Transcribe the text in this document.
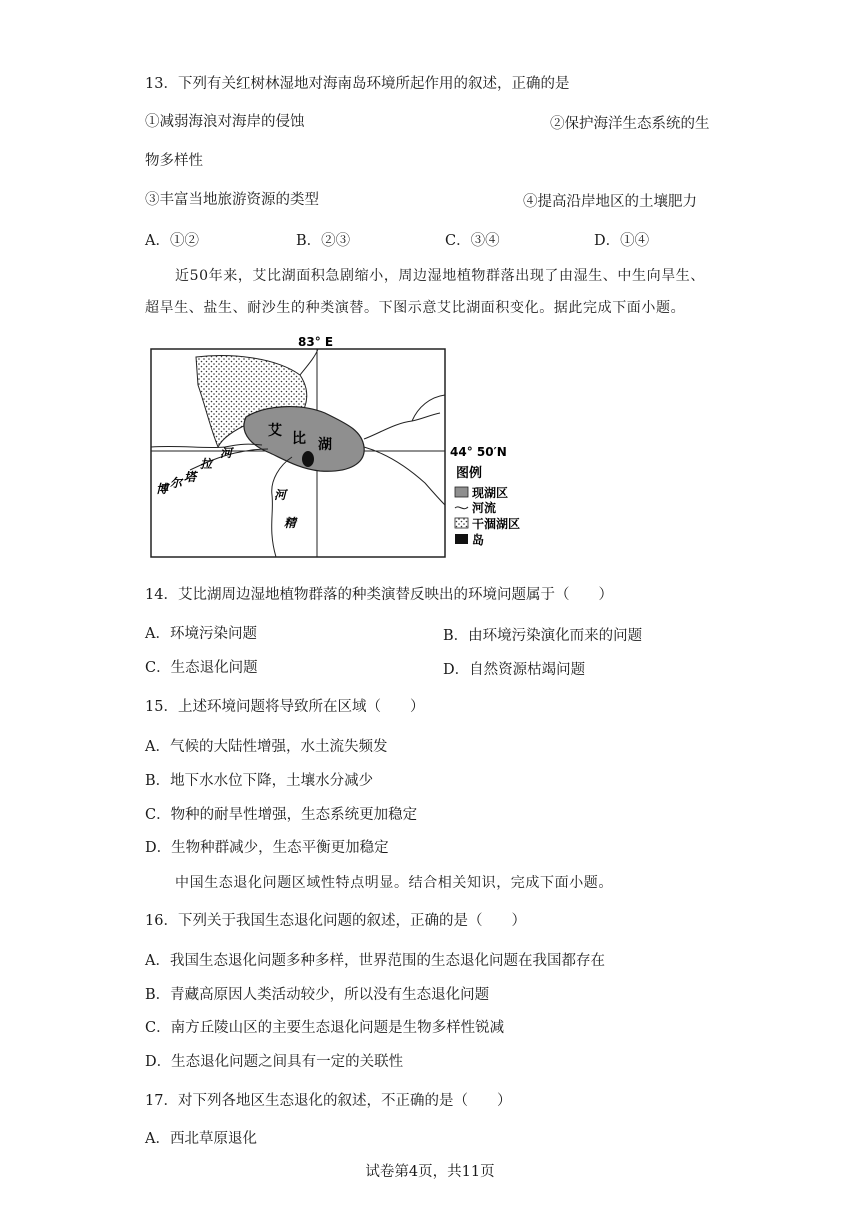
13．下列有关红树林湿地对海南岛环境所起作用的叙述，正确的是
①减弱海浪对海岸的侵蚀	②保护海洋生态系统的生
物多样性
③丰富当地旅游资源的类型	④提高沿岸地区的土壤肥力
A．①②	B．②③	C．③④	D．①④
近50年来，艾比湖面积急剧缩小，周边湿地植物群落出现了由湿生、中生向旱生、
超旱生、盐生、耐沙生的种类演替。下图示意艾比湖面积变化。据此完成下面小题。
83° E
44° 50′N
艾 比 湖
博 尔 塔
拉
河
精
河
图例
现湖区
河流
干涸湖区
岛
14．艾比湖周边湿地植物群落的种类演替反映出的环境问题属于（　　）
A．环境污染问题	B．由环境污染演化而来的问题
C．生态退化问题	D．自然资源枯竭问题
15．上述环境问题将导致所在区域（　　）
A．气候的大陆性增强，水土流失频发
B．地下水水位下降，土壤水分减少
C．物种的耐旱性增强，生态系统更加稳定
D．生物种群减少，生态平衡更加稳定
中国生态退化问题区域性特点明显。结合相关知识，完成下面小题。
16．下列关于我国生态退化问题的叙述，正确的是（　　）
A．我国生态退化问题多种多样，世界范围的生态退化问题在我国都存在
B．青藏高原因人类活动较少，所以没有生态退化问题
C．南方丘陵山区的主要生态退化问题是生物多样性锐减
D．生态退化问题之间具有一定的关联性
17．对下列各地区生态退化的叙述，不正确的是（　　）
A．西北草原退化
试卷第4页，共11页
